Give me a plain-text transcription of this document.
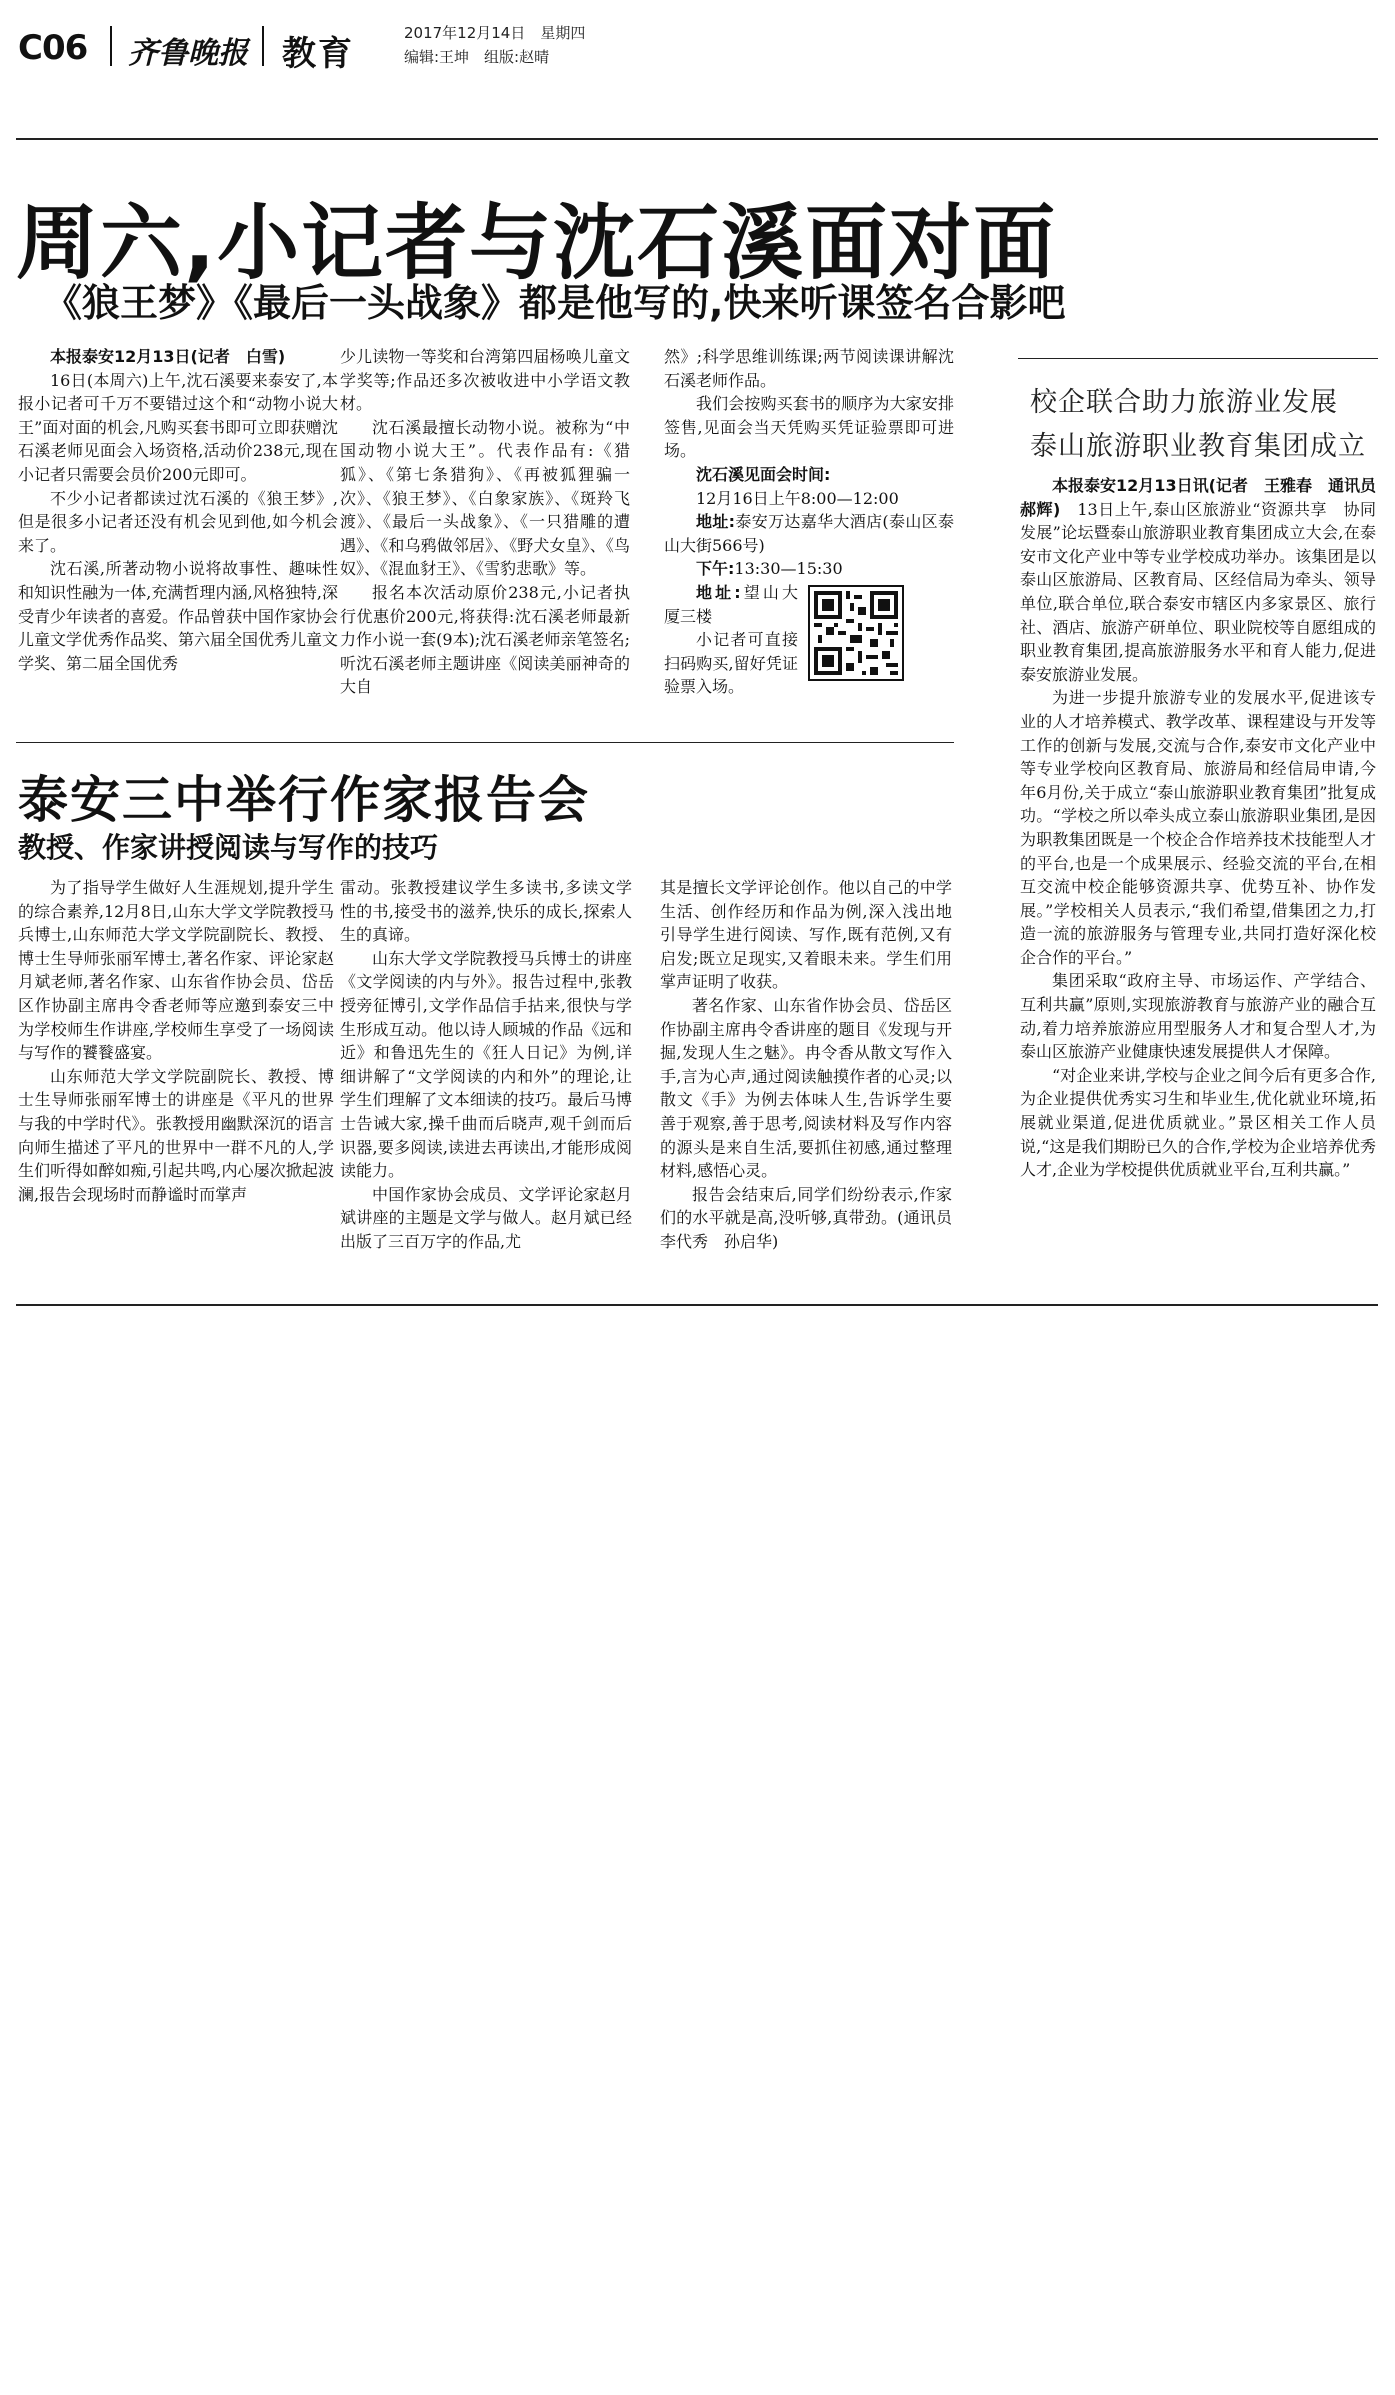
C06 齐鲁晚报 教育
2017年12月14日　星期四
编辑:王坤　组版:赵晴
周六,小记者与沈石溪面对面
《狼王梦》《最后一头战象》都是他写的,快来听课签名合影吧

本报泰安12月13日(记者　白雪)

16日(本周六)上午,沈石溪要来泰安了,本报小记者可千万不要错过这个和“动物小说大王”面对面的机会,凡购买套书即可立即获赠沈石溪老师见面会入场资格,活动价238元,现在小记者只需要会员价200元即可。

不少小记者都读过沈石溪的《狼王梦》,但是很多小记者还没有机会见到他,如今机会来了。

沈石溪,所著动物小说将故事性、趣味性和知识性融为一体,充满哲理内涵,风格独特,深受青少年读者的喜爱。作品曾获中国作家协会儿童文学优秀作品奖、第六届全国优秀儿童文学奖、第二届全国优秀

少儿读物一等奖和台湾第四届杨唤儿童文学奖等;作品还多次被收进中小学语文教材。

沈石溪最擅长动物小说。被称为“中国动物小说大王”。代表作品有:《猎狐》、《第七条猎狗》、《再被狐狸骗一次》、《狼王梦》、《白象家族》、《斑羚飞渡》、《最后一头战象》、《一只猎雕的遭遇》、《和乌鸦做邻居》、《野犬女皇》、《鸟奴》、《混血豺王》、《雪豹悲歌》等。

报名本次活动原价238元,小记者执行优惠价200元,将获得:沈石溪老师最新力作小说一套(9本);沈石溪老师亲笔签名;听沈石溪老师主题讲座《阅读美丽神奇的大自

然》;科学思维训练课;两节阅读课讲解沈石溪老师作品。

我们会按购买套书的顺序为大家安排签售,见面会当天凭购买凭证验票即可进场。

沈石溪见面会时间:

12月16日上午8:00—12:00

地址:泰安万达嘉华大酒店(泰山区泰山大街566号)

下午:13:30—15:30

地址:望山大厦三楼

小记者可直接扫码购买,留好凭证验票入场。

泰安三中举行作家报告会
教授、作家讲授阅读与写作的技巧

为了指导学生做好人生涯规划,提升学生的综合素养,12月8日,山东大学文学院教授马兵博士,山东师范大学文学院副院长、教授、博士生导师张丽军博士,著名作家、评论家赵月斌老师,著名作家、山东省作协会员、岱岳区作协副主席冉令香老师等应邀到泰安三中为学校师生作讲座,学校师生享受了一场阅读与写作的饕餮盛宴。

山东师范大学文学院副院长、教授、博士生导师张丽军博士的讲座是《平凡的世界与我的中学时代》。张教授用幽默深沉的语言向师生描述了平凡的世界中一群不凡的人,学生们听得如醉如痴,引起共鸣,内心屡次掀起波澜,报告会现场时而静谧时而掌声

雷动。张教授建议学生多读书,多读文学性的书,接受书的滋养,快乐的成长,探索人生的真谛。

山东大学文学院教授马兵博士的讲座《文学阅读的内与外》。报告过程中,张教授旁征博引,文学作品信手拈来,很快与学生形成互动。他以诗人顾城的作品《远和近》和鲁迅先生的《狂人日记》为例,详细讲解了“文学阅读的内和外”的理论,让学生们理解了文本细读的技巧。最后马博士告诫大家,操千曲而后晓声,观千剑而后识器,要多阅读,读进去再读出,才能形成阅读能力。

中国作家协会成员、文学评论家赵月斌讲座的主题是文学与做人。赵月斌已经出版了三百万字的作品,尤

其是擅长文学评论创作。他以自己的中学生活、创作经历和作品为例,深入浅出地引导学生进行阅读、写作,既有范例,又有启发;既立足现实,又着眼未来。学生们用掌声证明了收获。

著名作家、山东省作协会员、岱岳区作协副主席冉令香讲座的题目《发现与开掘,发现人生之魅》。冉令香从散文写作入手,言为心声,通过阅读触摸作者的心灵;以散文《手》为例去体味人生,告诉学生要善于观察,善于思考,阅读材料及写作内容的源头是来自生活,要抓住初感,通过整理材料,感悟心灵。

报告会结束后,同学们纷纷表示,作家们的水平就是高,没听够,真带劲。(通讯员　李代秀　孙启华)

校企联合助力旅游业发展
泰山旅游职业教育集团成立

本报泰安12月13日讯(记者　王雅春　通讯员　郝辉)　 13日上午,泰山区旅游业“资源共享　协同发展”论坛暨泰山旅游职业教育集团成立大会,在泰安市文化产业中等专业学校成功举办。该集团是以泰山区旅游局、区教育局、区经信局为牵头、领导单位,联合单位,联合泰安市辖区内多家景区、旅行社、酒店、旅游产研单位、职业院校等自愿组成的职业教育集团,提高旅游服务水平和育人能力,促进泰安旅游业发展。

为进一步提升旅游专业的发展水平,促进该专业的人才培养模式、教学改革、课程建设与开发等工作的创新与发展,交流与合作,泰安市文化产业中等专业学校向区教育局、旅游局和经信局申请,今年6月份,关于成立“泰山旅游职业教育集团”批复成功。“学校之所以牵头成立泰山旅游职业集团,是因为职教集团既是一个校企合作培养技术技能型人才的平台,也是一个成果展示、经验交流的平台,在相互交流中校企能够资源共享、优势互补、协作发展。”学校相关人员表示,“我们希望,借集团之力,打造一流的旅游服务与管理专业,共同打造好深化校企合作的平台。”

集团采取“政府主导、市场运作、产学结合、互利共赢”原则,实现旅游教育与旅游产业的融合互动,着力培养旅游应用型服务人才和复合型人才,为泰山区旅游产业健康快速发展提供人才保障。

“对企业来讲,学校与企业之间今后有更多合作,为企业提供优秀实习生和毕业生,优化就业环境,拓展就业渠道,促进优质就业。”景区相关工作人员说,“这是我们期盼已久的合作,学校为企业培养优秀人才,企业为学校提供优质就业平台,互利共赢。”
